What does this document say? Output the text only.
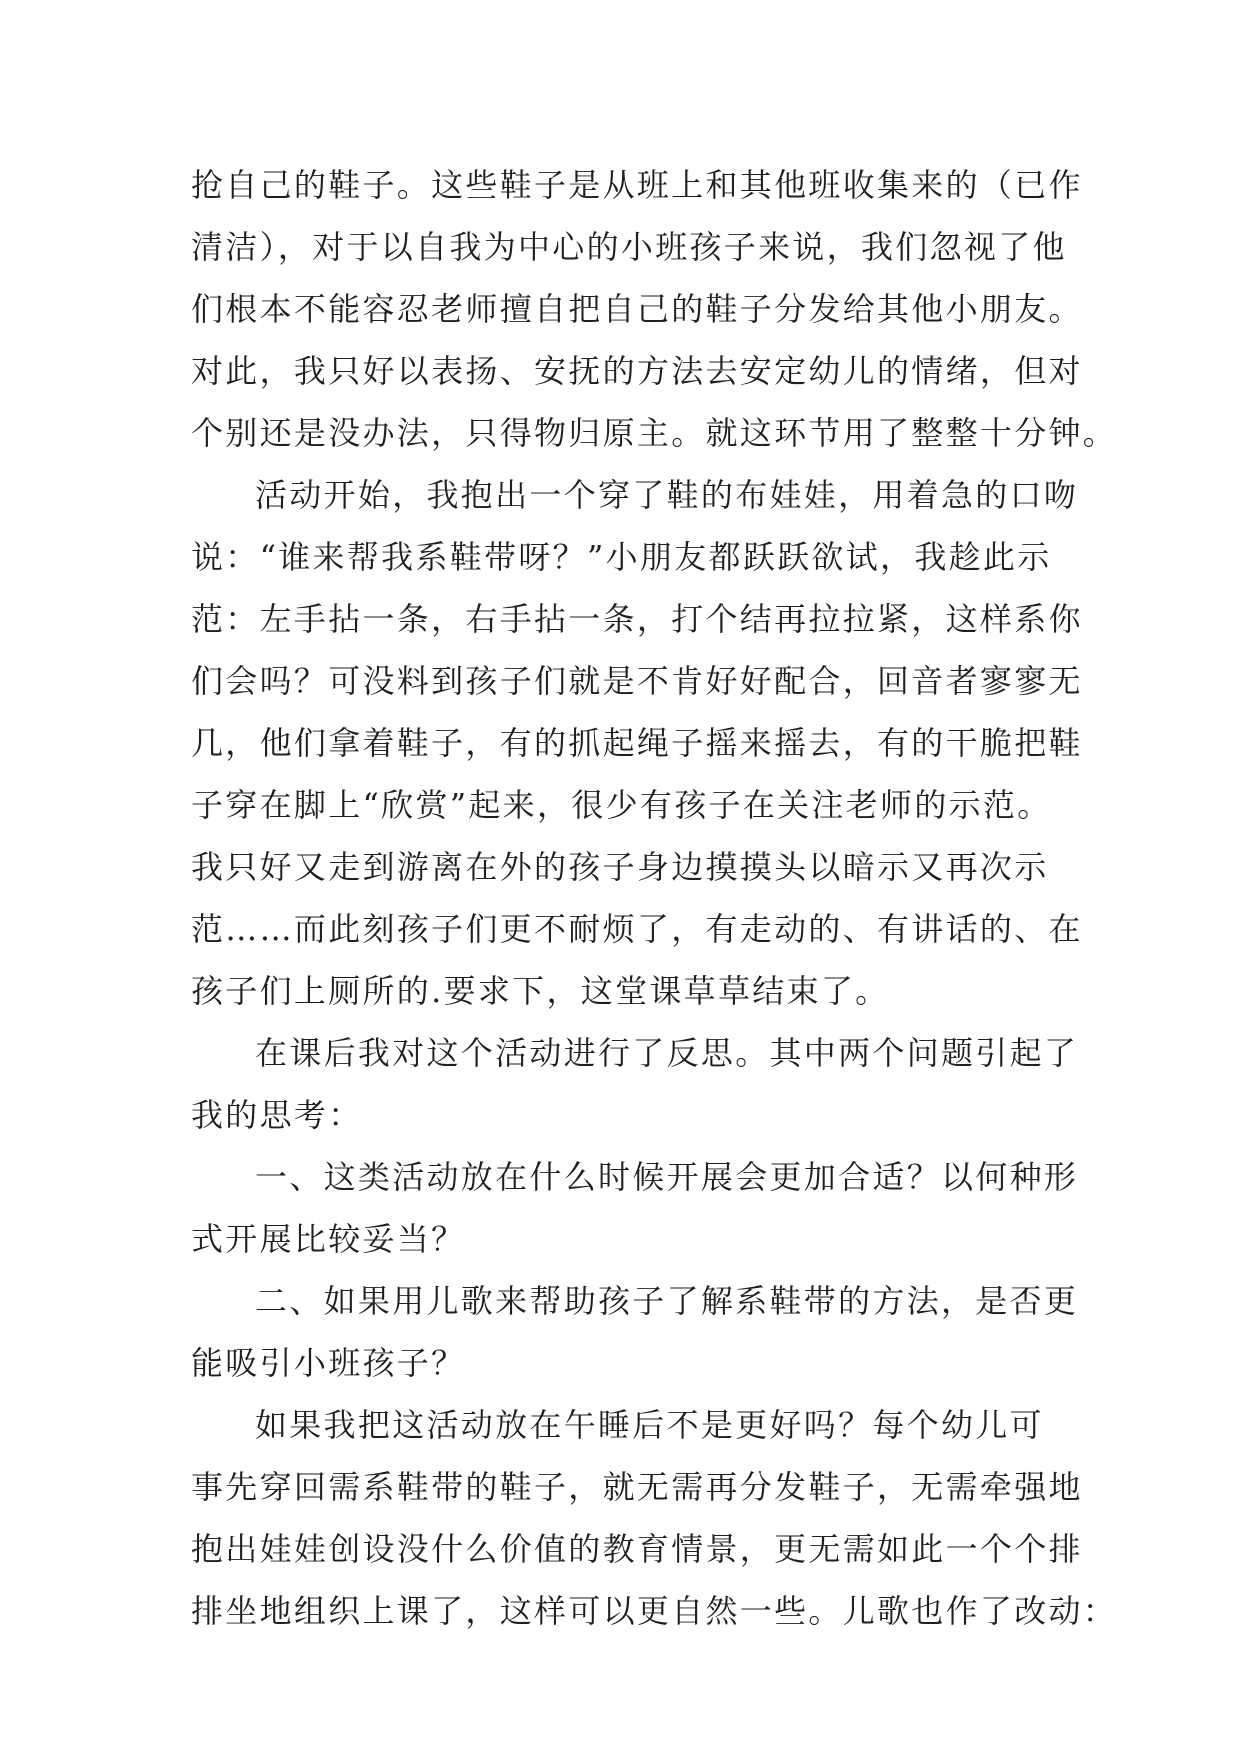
抢自己的鞋子。这些鞋子是从班上和其他班收集来的（已作
清洁），对于以自我为中心的小班孩子来说，我们忽视了他
们根本不能容忍老师擅自把自己的鞋子分发给其他小朋友。
对此，我只好以表扬、安抚的方法去安定幼儿的情绪，但对
个别还是没办法，只得物归原主。就这环节用了整整十分钟。
活动开始，我抱出一个穿了鞋的布娃娃，用着急的口吻
说：“谁来帮我系鞋带呀？”小朋友都跃跃欲试，我趁此示
范：左手拈一条，右手拈一条，打个结再拉拉紧，这样系你
们会吗？可没料到孩子们就是不肯好好配合，回音者寥寥无
几，他们拿着鞋子，有的抓起绳子摇来摇去，有的干脆把鞋
子穿在脚上“欣赏”起来，很少有孩子在关注老师的示范。
我只好又走到游离在外的孩子身边摸摸头以暗示又再次示
范……而此刻孩子们更不耐烦了，有走动的、有讲话的、在
孩子们上厕所的.要求下，这堂课草草结束了。
在课后我对这个活动进行了反思。其中两个问题引起了
我的思考：
一、这类活动放在什么时候开展会更加合适？以何种形
式开展比较妥当？
二、如果用儿歌来帮助孩子了解系鞋带的方法，是否更
能吸引小班孩子？
如果我把这活动放在午睡后不是更好吗？每个幼儿可
事先穿回需系鞋带的鞋子，就无需再分发鞋子，无需牵强地
抱出娃娃创设没什么价值的教育情景，更无需如此一个个排
排坐地组织上课了，这样可以更自然一些。儿歌也作了改动：
